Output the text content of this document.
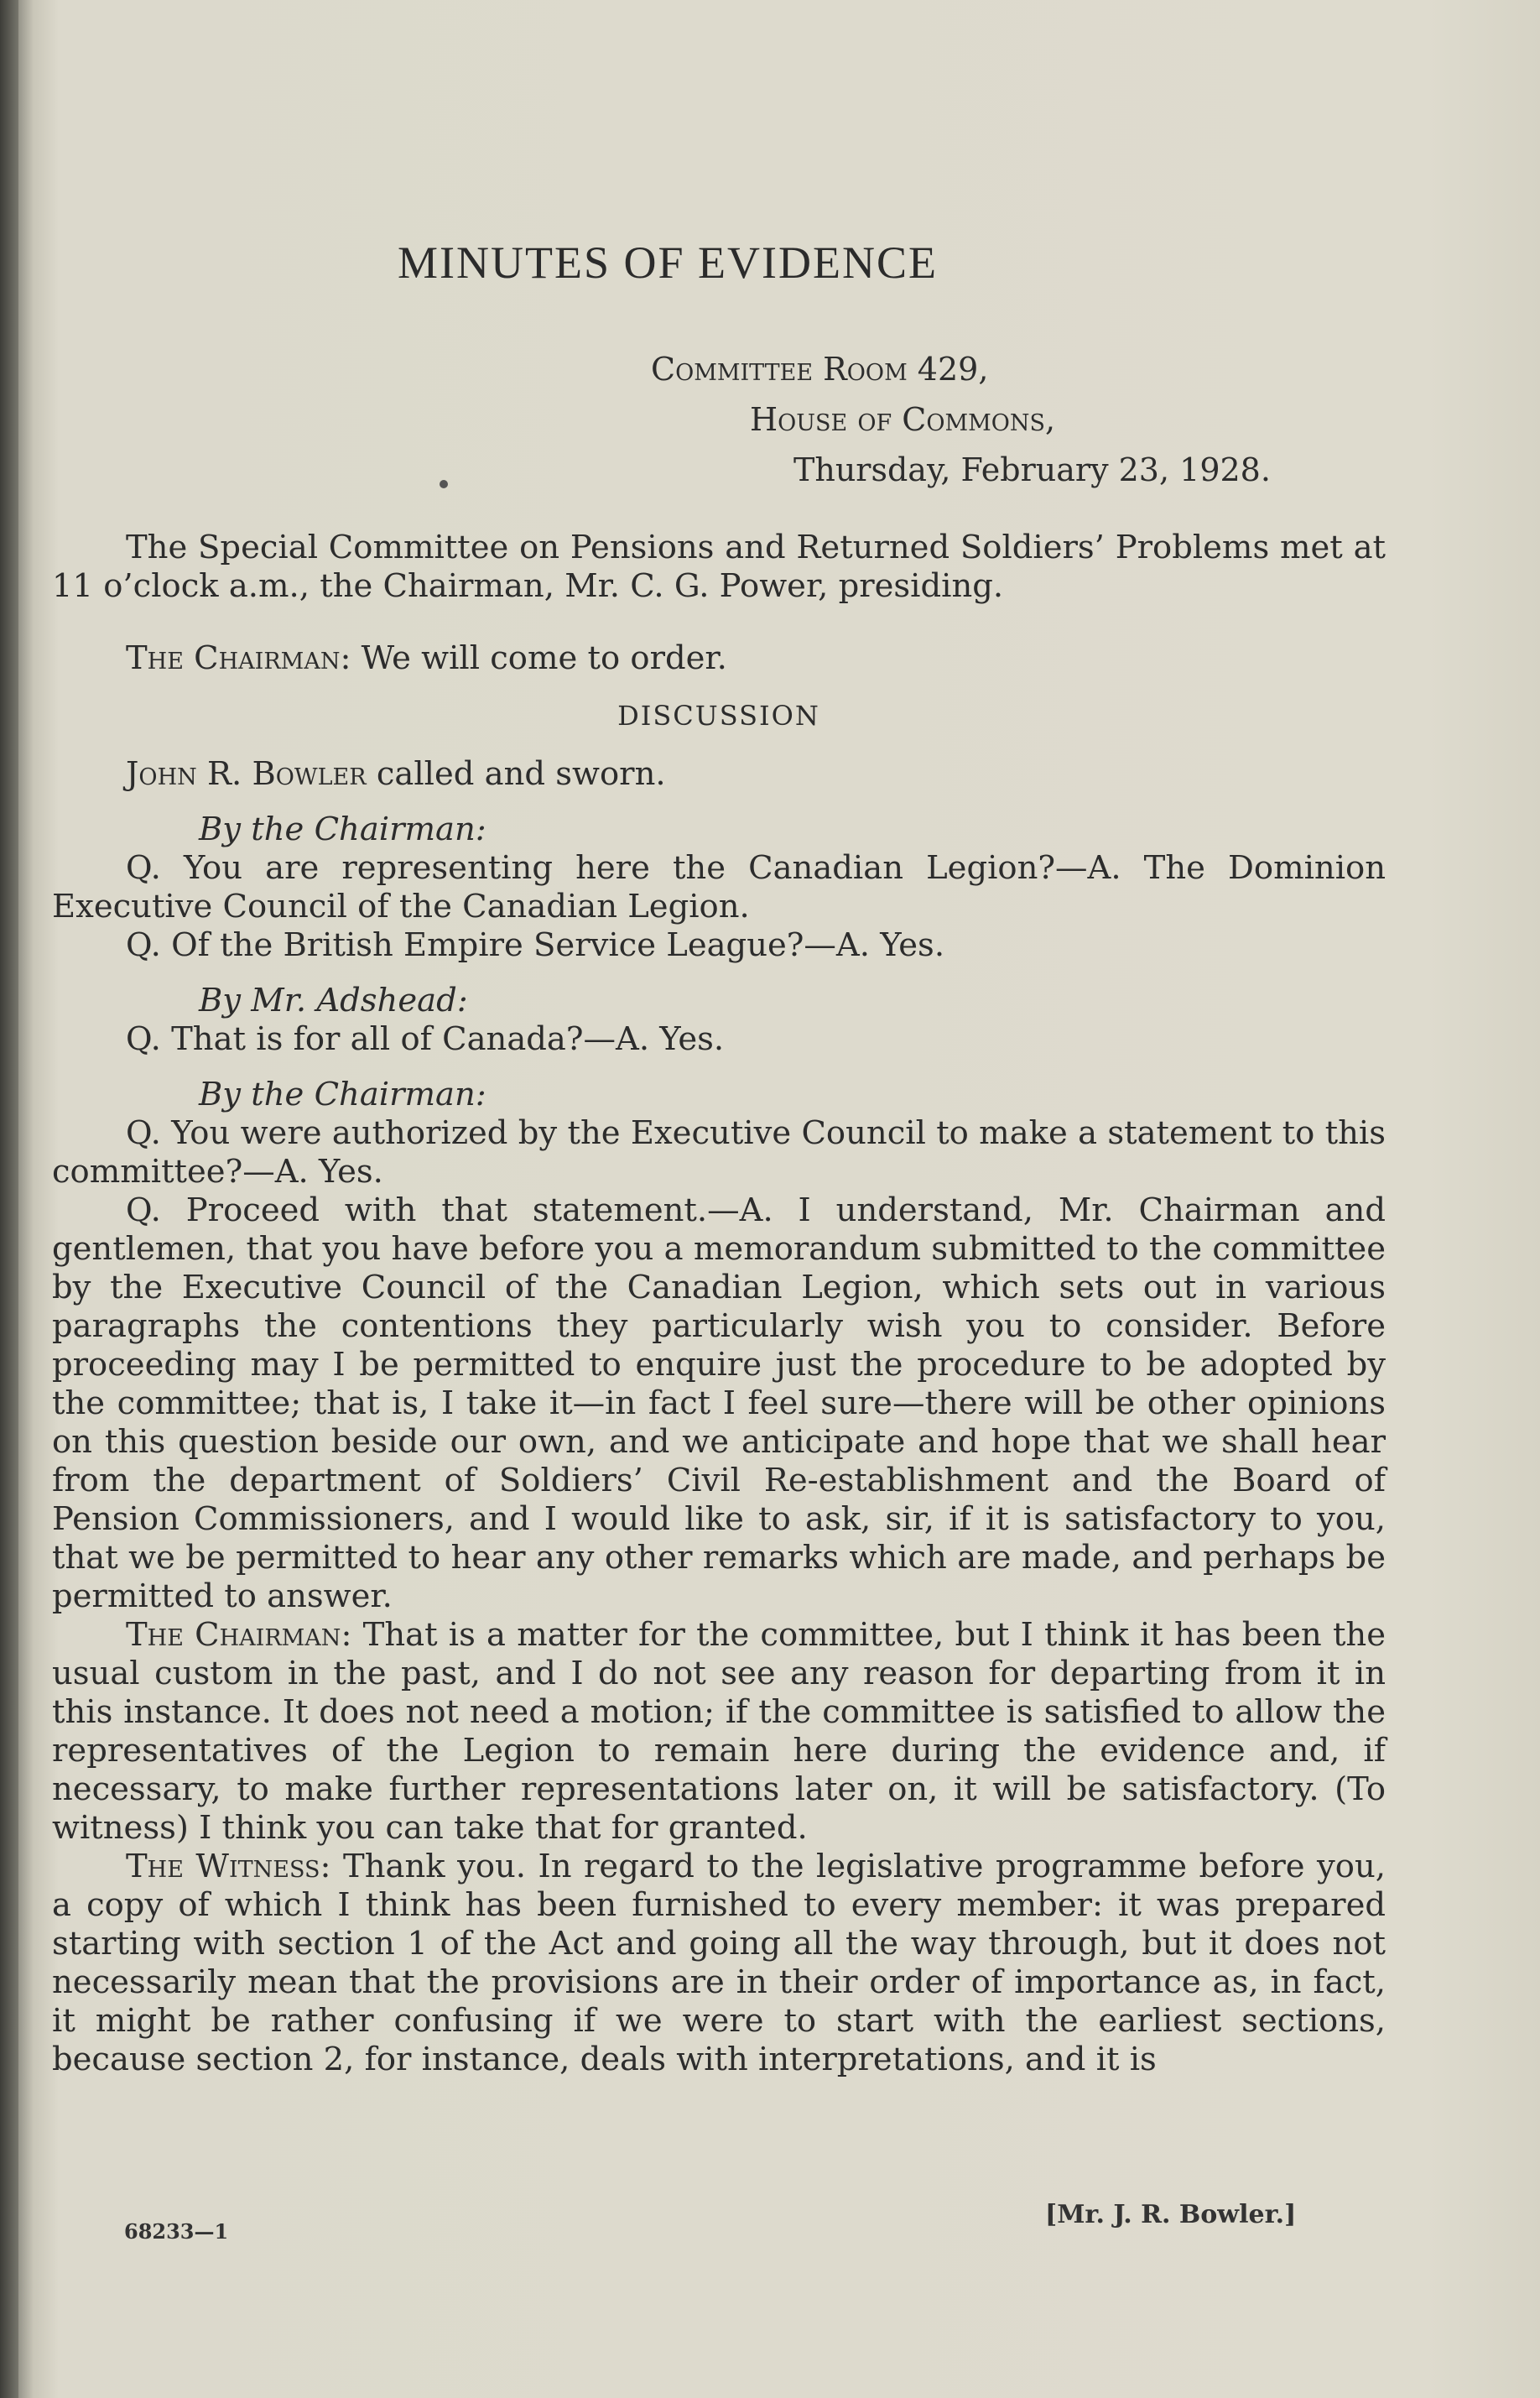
MINUTES OF EVIDENCE
Committee Room 429,
House of Commons,
Thursday, February 23, 1928.

The Special Committee on Pensions and Returned Soldiers’ Problems met at 11 o’clock a.m., the Chairman, Mr. C. G. Power, presiding.

The Chairman: We will come to order.

DISCUSSION

John R. Bowler called and sworn.

By the Chairman:

Q. You are representing here the Canadian Legion?—A. The Dominion Executive Council of the Canadian Legion.

Q. Of the British Empire Service League?—A. Yes.

By Mr. Adshead:

Q. That is for all of Canada?—A. Yes.

By the Chairman:

Q. You were authorized by the Executive Council to make a statement to this committee?—A. Yes.

Q. Proceed with that statement.—A. I understand, Mr. Chairman and gentlemen, that you have before you a memorandum submitted to the committee by the Executive Council of the Canadian Legion, which sets out in various paragraphs the contentions they particularly wish you to consider. Before proceeding may I be permitted to enquire just the procedure to be adopted by the committee; that is, I take it—in fact I feel sure—there will be other opinions on this question beside our own, and we anticipate and hope that we shall hear from the department of Soldiers’ Civil Re-establishment and the Board of Pension Commissioners, and I would like to ask, sir, if it is satisfactory to you, that we be permitted to hear any other remarks which are made, and perhaps be permitted to answer.

The Chairman: That is a matter for the committee, but I think it has been the usual custom in the past, and I do not see any reason for departing from it in this instance. It does not need a motion; if the committee is satisfied to allow the representatives of the Legion to remain here during the evidence and, if necessary, to make further representations later on, it will be satisfactory. (To witness) I think you can take that for granted.

The Witness: Thank you. In regard to the legislative programme before you, a copy of which I think has been furnished to every member: it was prepared starting with section 1 of the Act and going all the way through, but it does not necessarily mean that the provisions are in their order of importance as, in fact, it might be rather confusing if we were to start with the earliest sections, because section 2, for instance, deals with interpretations, and it is

68233—1
[Mr. J. R. Bowler.]
